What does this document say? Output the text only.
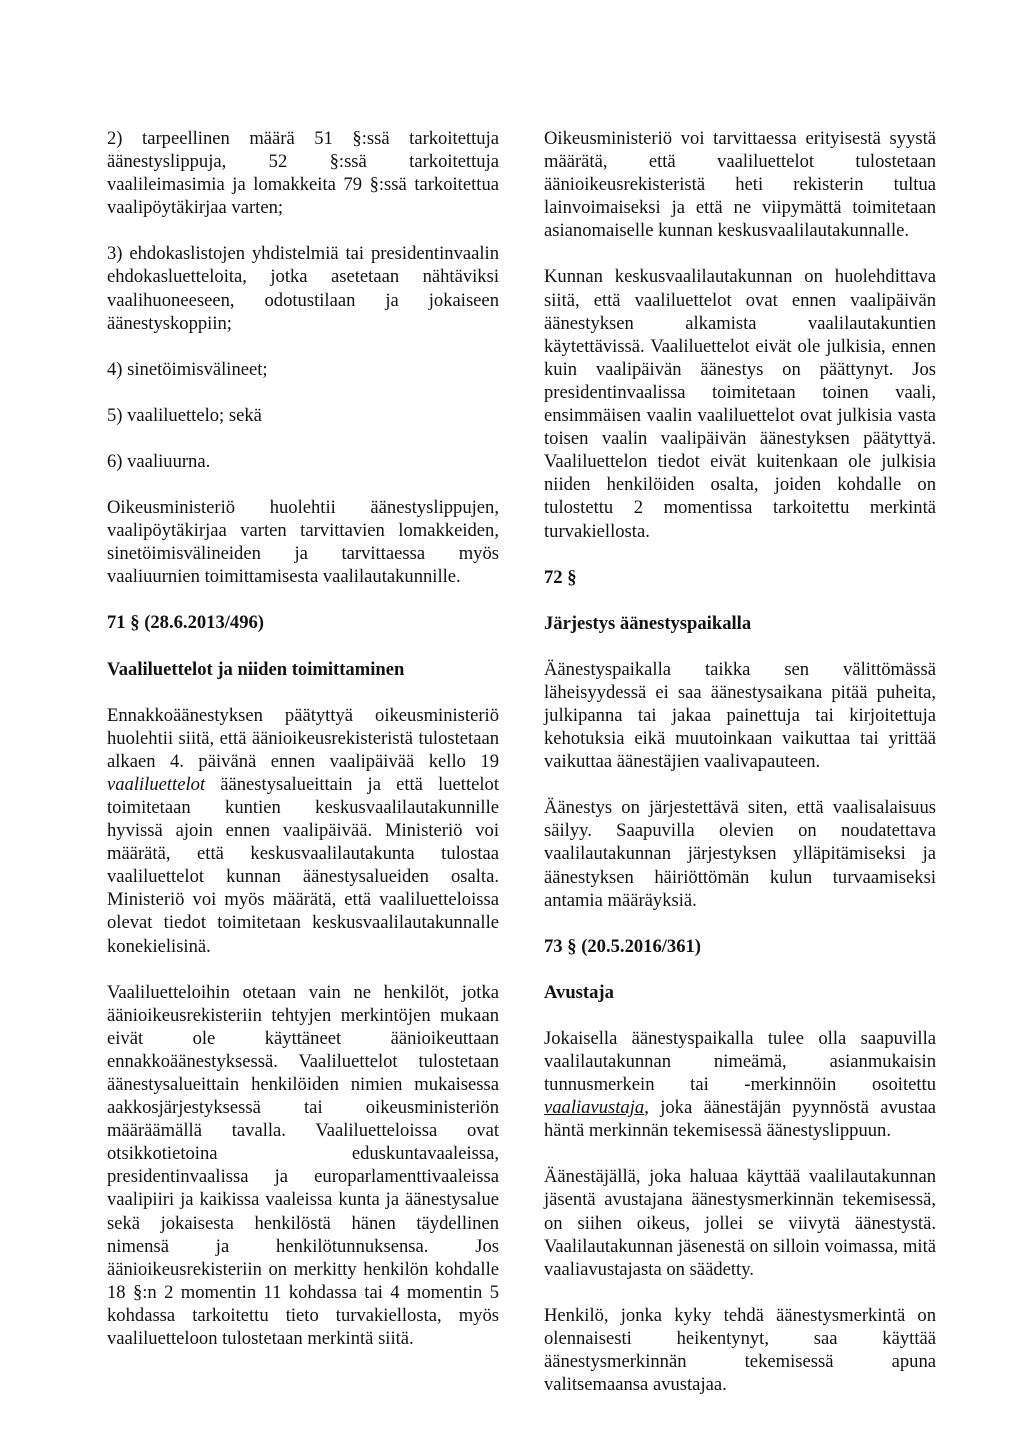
2) tarpeellinen määrä 51 §:ssä tarkoitettuja äänestyslippuja, 52 §:ssä tarkoitettuja vaalileimasimia ja lomakkeita 79 §:ssä tarkoitettua vaalipöytäkirjaa varten;

3) ehdokaslistojen yhdistelmiä tai presidentinvaalin ehdokasluetteloita, jotka asetetaan nähtäviksi vaalihuoneeseen, odotustilaan ja jokaiseen äänestyskoppiin;

4) sinetöimisvälineet;

5) vaaliluettelo; sekä

6) vaaliuurna.

Oikeusministeriö huolehtii äänestyslippujen, vaalipöytäkirjaa varten tarvittavien lomakkeiden, sinetöimisvälineiden ja tarvittaessa myös vaaliuurnien toimittamisesta vaalilautakunnille.

71 § (28.6.2013/496)

Vaaliluettelot ja niiden toimittaminen

Ennakkoäänestyksen päätyttyä oikeusministeriö huolehtii siitä, että äänioikeusrekisteristä tulostetaan alkaen 4. päivänä ennen vaalipäivää kello 19 vaaliluettelot äänestysalueittain ja että luettelot toimitetaan kuntien keskusvaalilautakunnille hyvissä ajoin ennen vaalipäivää. Ministeriö voi määrätä, että keskusvaalilautakunta tulostaa vaaliluettelot kunnan äänestysalueiden osalta. Ministeriö voi myös määrätä, että vaaliluetteloissa olevat tiedot toimitetaan keskusvaalilautakunnalle konekielisinä.

Vaaliluetteloihin otetaan vain ne henkilöt, jotka äänioikeusrekisteriin tehtyjen merkintöjen mukaan eivät ole käyttäneet äänioikeuttaan ennakkoäänestyksessä. Vaaliluettelot tulostetaan äänestysalueittain henkilöiden nimien mukaisessa aakkosjärjestyksessä tai oikeusministeriön määräämällä tavalla. Vaaliluetteloissa ovat otsikkotietoina eduskuntavaaleissa, presidentinvaalissa ja europarlamenttivaaleissa vaalipiiri ja kaikissa vaaleissa kunta ja äänestysalue sekä jokaisesta henkilöstä hänen täydellinen nimensä ja henkilötunnuksensa. Jos äänioikeusrekisteriin on merkitty henkilön kohdalle 18 §:n 2 momentin 11 kohdassa tai 4 momentin 5 kohdassa tarkoitettu tieto turvakiellosta, myös vaaliluetteloon tulostetaan merkintä siitä.

Oikeusministeriö voi tarvittaessa erityisestä syystä määrätä, että vaaliluettelot tulostetaan äänioikeusrekisteristä heti rekisterin tultua lainvoimaiseksi ja että ne viipymättä toimitetaan asianomaiselle kunnan keskusvaalilautakunnalle.

Kunnan keskusvaalilautakunnan on huolehdittava siitä, että vaaliluettelot ovat ennen vaalipäivän äänestyksen alkamista vaalilautakuntien käytettävissä. Vaaliluettelot eivät ole julkisia, ennen kuin vaalipäivän äänestys on päättynyt. Jos presidentinvaalissa toimitetaan toinen vaali, ensimmäisen vaalin vaaliluettelot ovat julkisia vasta toisen vaalin vaalipäivän äänestyksen päätyttyä. Vaaliluettelon tiedot eivät kuitenkaan ole julkisia niiden henkilöiden osalta, joiden kohdalle on tulostettu 2 momentissa tarkoitettu merkintä turvakiellosta.

72 §

Järjestys äänestyspaikalla

Äänestyspaikalla taikka sen välittömässä läheisyydessä ei saa äänestysaikana pitää puheita, julkipanna tai jakaa painettuja tai kirjoitettuja kehotuksia eikä muutoinkaan vaikuttaa tai yrittää vaikuttaa äänestäjien vaalivapauteen.

Äänestys on järjestettävä siten, että vaalisalaisuus säilyy. Saapuvilla olevien on noudatettava vaalilautakunnan järjestyksen ylläpitämiseksi ja äänestyksen häiriöttömän kulun turvaamiseksi antamia määräyksiä.

73 § (20.5.2016/361)

Avustaja

Jokaisella äänestyspaikalla tulee olla saapuvilla vaalilautakunnan nimeämä, asianmukaisin tunnusmerkein tai -merkinnöin osoitettu vaaliavustaja, joka äänestäjän pyynnöstä avustaa häntä merkinnän tekemisessä äänestyslippuun.

Äänestäjällä, joka haluaa käyttää vaalilautakunnan jäsentä avustajana äänestysmerkinnän tekemisessä, on siihen oikeus, jollei se viivytä äänestystä. Vaalilautakunnan jäsenestä on silloin voimassa, mitä vaaliavustajasta on säädetty.

Henkilö, jonka kyky tehdä äänestysmerkintä on olennaisesti heikentynyt, saa käyttää äänestysmerkinnän tekemisessä apuna valitsemaansa avustajaa.
